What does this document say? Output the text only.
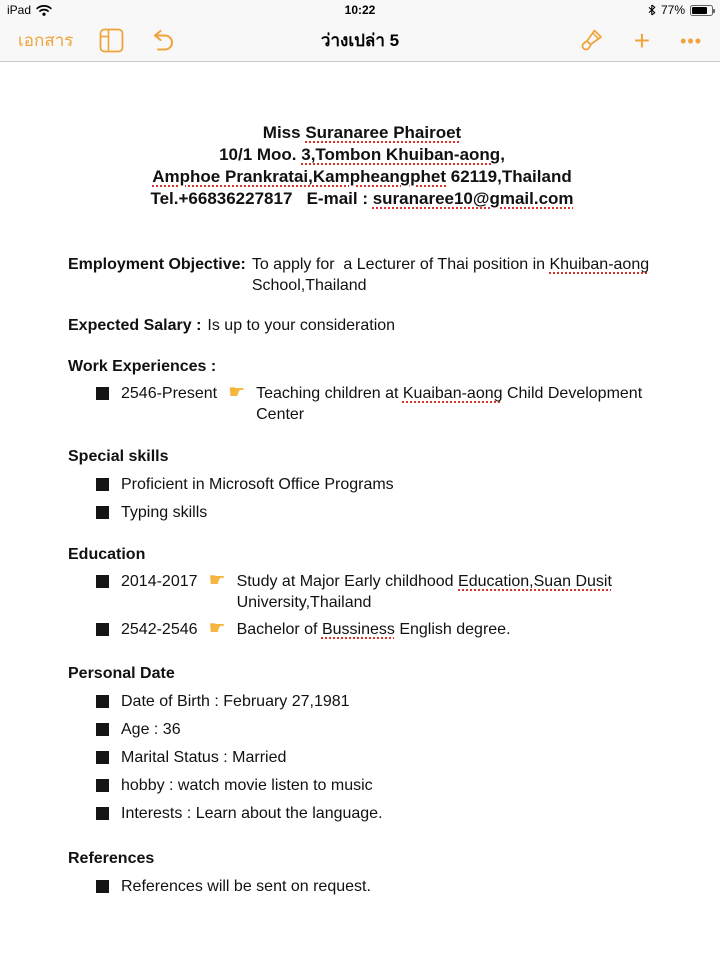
iPad	10:22	77%
ว่างเปล่า 5
เอกสาร	+ •••
Miss Suranaree Phairoet
10/1 Moo. 3,Tombon Khuiban-aong,
Amphoe Prankratai,Kampheangphet 62119,Thailand
Tel.+66836227817   E-mail : suranaree10@gmail.com
Employment Objective: To apply for  a Lecturer of Thai position in Khuiban-aong School,Thailand
Expected Salary : Is up to your consideration
Work Experiences :
2546-Present ☛ Teaching children at Kuaiban-aong Child Development Center
Special skills
Proficient in Microsoft Office Programs
Typing skills
Education
2014-2017 ☛ Study at Major Early childhood Education,Suan Dusit University,Thailand
2542-2546 ☛ Bachelor of Bussiness English degree.
Personal Date
Date of Birth : February 27,1981
Age : 36
Marital Status : Married
hobby : watch movie listen to music
Interests : Learn about the language.
References
References will be sent on request.
